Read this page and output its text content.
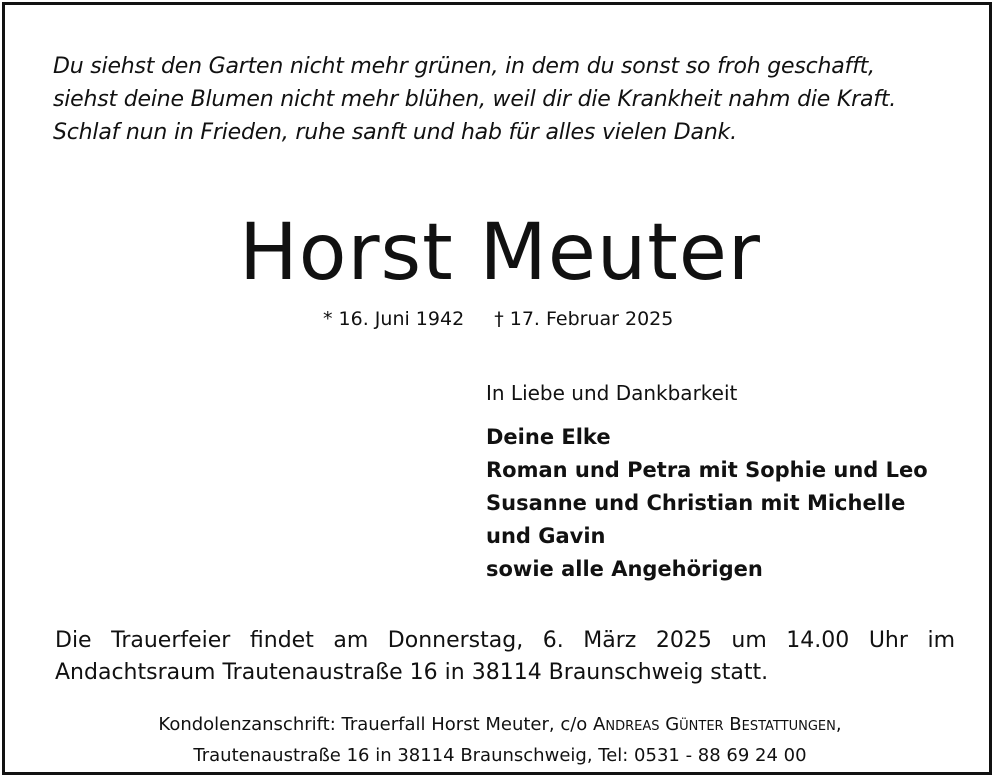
Du siehst den Garten nicht mehr grünen, in dem du sonst so froh geschafft,
siehst deine Blumen nicht mehr blühen, weil dir die Krankheit nahm die Kraft.
Schlaf nun in Frieden, ruhe sanft und hab für alles vielen Dank.
Horst Meuter
* 16. Juni 1942 † 17. Februar 2025
In Liebe und Dankbarkeit
Deine Elke
Roman und Petra mit Sophie und Leo
Susanne und Christian mit Michelle
und Gavin
sowie alle Angehörigen
Die Trauerfeier findet am Donnerstag, 6. März 2025 um 14.00 Uhr im
Andachtsraum Trautenaustraße 16 in 38114 Braunschweig statt.
Kondolenzanschrift: Trauerfall Horst Meuter, c/o Andreas Günter Bestattungen,
Trautenaustraße 16 in 38114 Braunschweig, Tel: 0531 - 88 69 24 00
